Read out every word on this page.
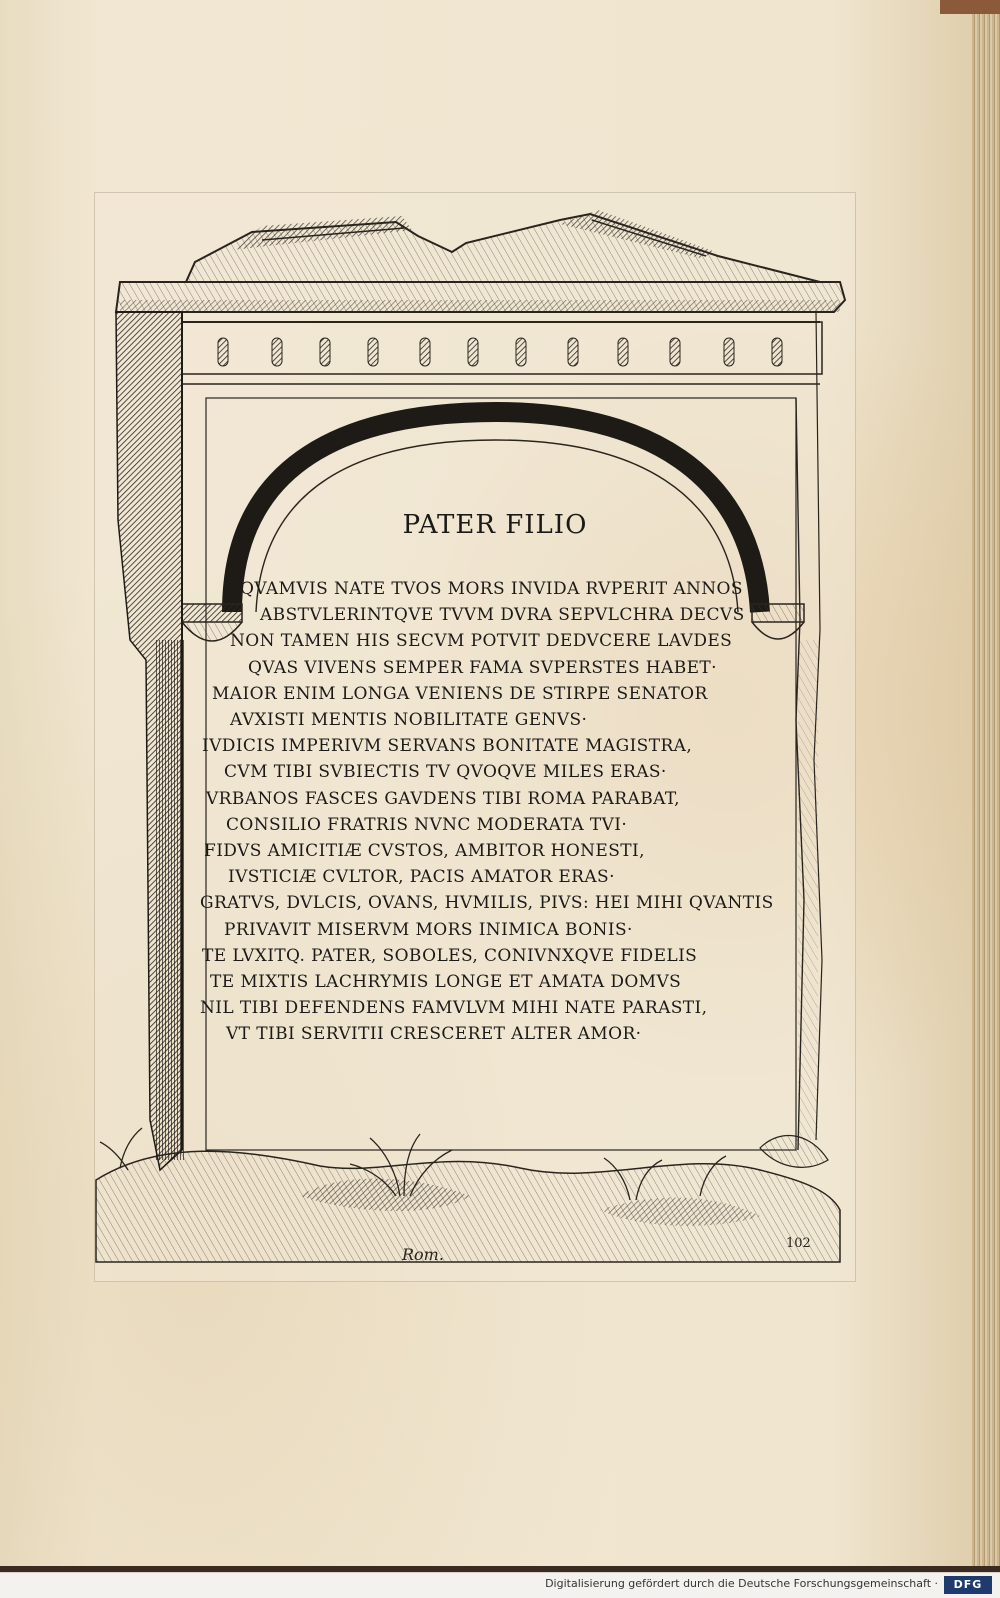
PATER FILIO
QVAMVIS NATE TVOS MORS INVIDA RVPERIT ANNOS
ABSTVLERINTQVE TVVM DVRA SEPVLCHRA DECVS
NON TAMEN HIS SECVM POTVIT DEDVCERE LAVDES
QVAS VIVENS SEMPER FAMA SVPERSTES HABET·
MAIOR ENIM LONGA VENIENS DE STIRPE SENATOR
AVXISTI MENTIS NOBILITATE GENVS·
IVDICIS IMPERIVM SERVANS BONITATE MAGISTRA,
CVM TIBI SVBIECTIS TV QVOQVE MILES ERAS·
VRBANOS FASCES GAVDENS TIBI ROMA PARABAT,
CONSILIO FRATRIS NVNC MODERATA TVI·
FIDVS AMICITIÆ CVSTOS, AMBITOR HONESTI,
IVSTICIÆ CVLTOR, PACIS AMATOR ERAS·
GRATVS, DVLCIS, OVANS, HVMILIS, PIVS: HEI MIHI QVANTIS
PRIVAVIT MISERVM MORS INIMICA BONIS·
TE LVXITQ. PATER, SOBOLES, CONIVNXQVE FIDELIS
TE MIXTIS LACHRYMIS LONGE ET AMATA DOMVS
NIL TIBI DEFENDENS FAMVLVM MIHI NATE PARASTI,
VT TIBI SERVITII CRESCERET ALTER AMOR·
Rom.
102
Digitalisierung gefördert durch die Deutsche Forschungsgemeinschaft ·	DFG
